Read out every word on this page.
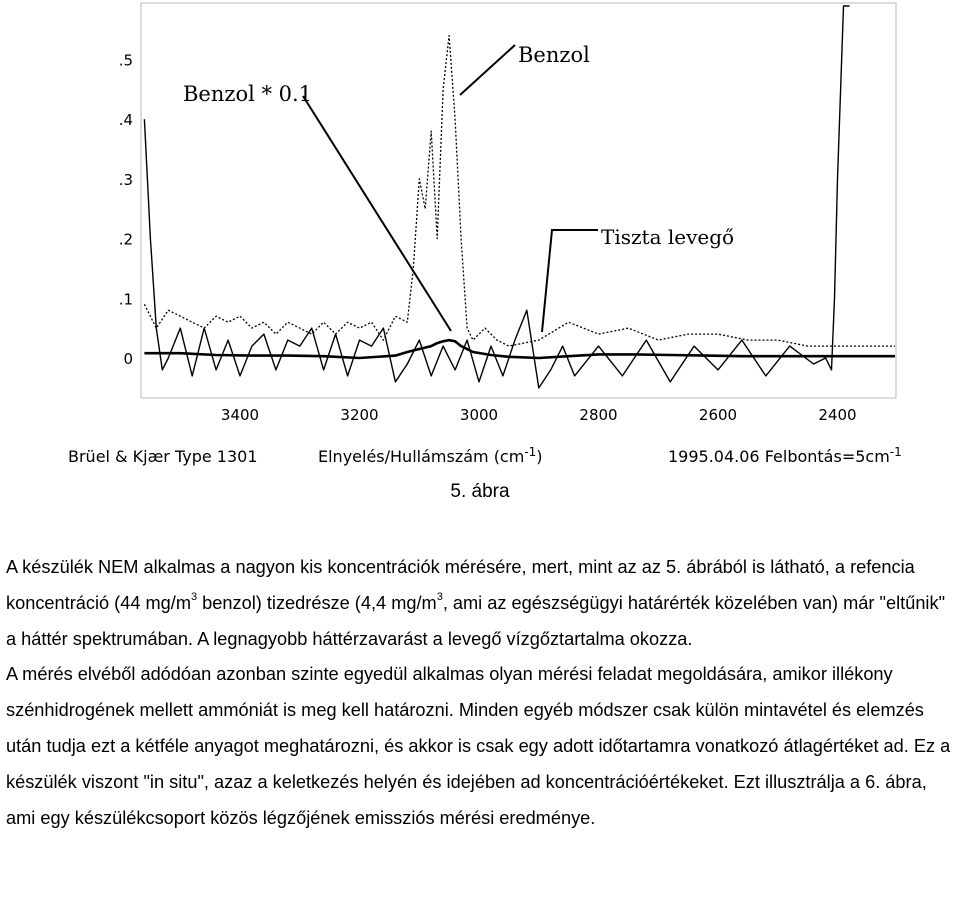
0
.1
.2
.3
.4
.5
3400	3200	3000	2800	2600	2400
Benzol * 0.1
Benzol
Tiszta levegő
Brüel & Kjær Type 1301	Elnyelés/Hullámszám $(cm^{-1})$	1995.04.06 $Felbontás=5cm^{-1}$
5. ábra

A készülék NEM alkalmas a nagyon kis koncentrációk mérésére, mert, mint az az 5. ábrából is látható, a refencia koncentráció (44 $mg/m^3$ benzol) tizedrésze (4,4 $mg/m^3$, ami az egészségügyi határérték közelében van) már "eltűnik" a háttér spektrumában. A legnagyobb háttérzavarást a levegő vízgőztartalma okozza.

A mérés elvéből adódóan azonban szinte egyedül alkalmas olyan mérési feladat megoldására, amikor illékony szénhidrogének mellett ammóniát is meg kell határozni. Minden egyéb módszer csak külön mintavétel és elemzés után tudja ezt a kétféle anyagot meghatározni, és akkor is csak egy adott időtartamra vonatkozó átlagértéket ad. Ez a készülék viszont "in situ", azaz a keletkezés helyén és idejében ad koncentrációértékeket. Ezt illusztrálja a 6. ábra, ami egy készülékcsoport közös légzőjének emissziós mérési eredménye.
